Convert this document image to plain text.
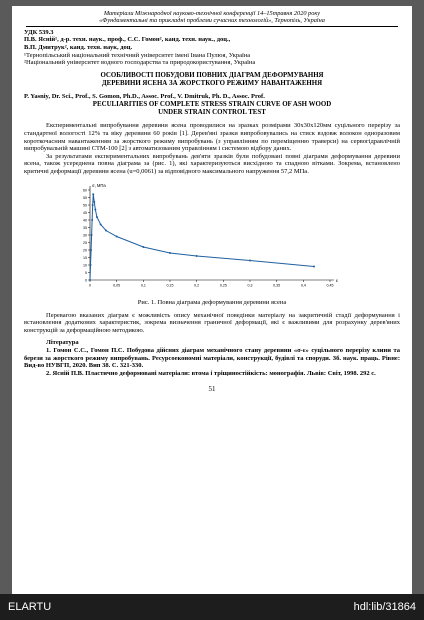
Матеріали Міжнародної науково-технічної конференції 14–15травня 2020 року
«Фундаментальні та прикладні проблеми сучасних технологій», Тернопіль, Україна
УДК 539.3
П.В. Ясній¹, д-р. техн. наук., проф., С.С. Гомон², канд. техн. наук., доц.,
В.П. Дмитрук², канд. техн. наук, доц.
¹Тернопільський національний технічний університет імені Івана Пулюя, Україна
²Національний університет водного господарства та природокористування, Україна
ОСОБЛИВОСТІ ПОБУДОВИ ПОВНИХ ДІАГРАМ ДЕФОРМУВАННЯ
ДЕРЕВИНИ ЯСЕНА ЗА ЖОРСТКОГО РЕЖИМУ НАВАНТАЖЕННЯ
P. Yasniy, Dr. Sci., Prof., S. Gomon, Ph.D., Assoc. Prof., V. Dmitruk, Ph. D., Assoc. Prof.
PECULIARITIES OF COMPLETE STRESS STRAIN CURVE OF ASH WOOD
UNDER STRAIN CONTROL TEST
Експериментальні випробування деревини ясена проводилися на зразках розмірами 30х30х120мм суцільного перерізу за стандартної вологості 12% та віку деревини 60 років [1]. Дерев'яні зразки випробовувались на стиск вздовж волокон одноразовим короткочасним навантаженням за жорсткого режиму випробувань (з управлінням по переміщенню траверси) на сервогідравлічній випробувальній машині СТМ-100 [2] з автоматизованим управлінням і системою відбору даних.
За результатами експериментальних випробувань дев'яти зразків були побудовані повні діаграми деформування деревини ясена, також усереднена повна діаграма за (рис. 1), які характеризуються висхідною та спадною вітками. Зокрема, встановлено критичні деформації деревини ясена (u=0,0061) за відповідного максимального напруження 57,2 МПа.
0
5
10
15
20
25
30
35
40
45
50
55
60
0	0,05	0,1	0,15	0,2	0,25	0,3	0,35	0,4	0,45
σ, МПа
ε
Рис. 1. Повна діаграма деформування деревини ясена
Перевагою вказаних діаграм є можливість опису механічної поведінки матеріалу на закритичній стадії деформування і встановлення додаткових характеристик, зокрема визначення граничної деформації, які є важливими для розрахунку дерев'яних конструкцій за деформаційною методикою.
Література
1. Гомон С.С., Гомон П.С. Побудова дійсних діаграм механічного стану деревини «σ-ε» суцільного перерізу клини та берези за жорсткого режиму випробувань. Ресурсоекономні матеріали, конструкції, будівлі та споруди. Зб. наук. праць. Рівне: Вид-во НУВГП, 2020. Вип 38. С. 321-330.
2. Ясній П.В. Пластично деформовані матеріали: втома і тріщиностійкість: монографія. Львів: Світ, 1998. 292 с.
51
ELARTU	hdl:lib/31864
